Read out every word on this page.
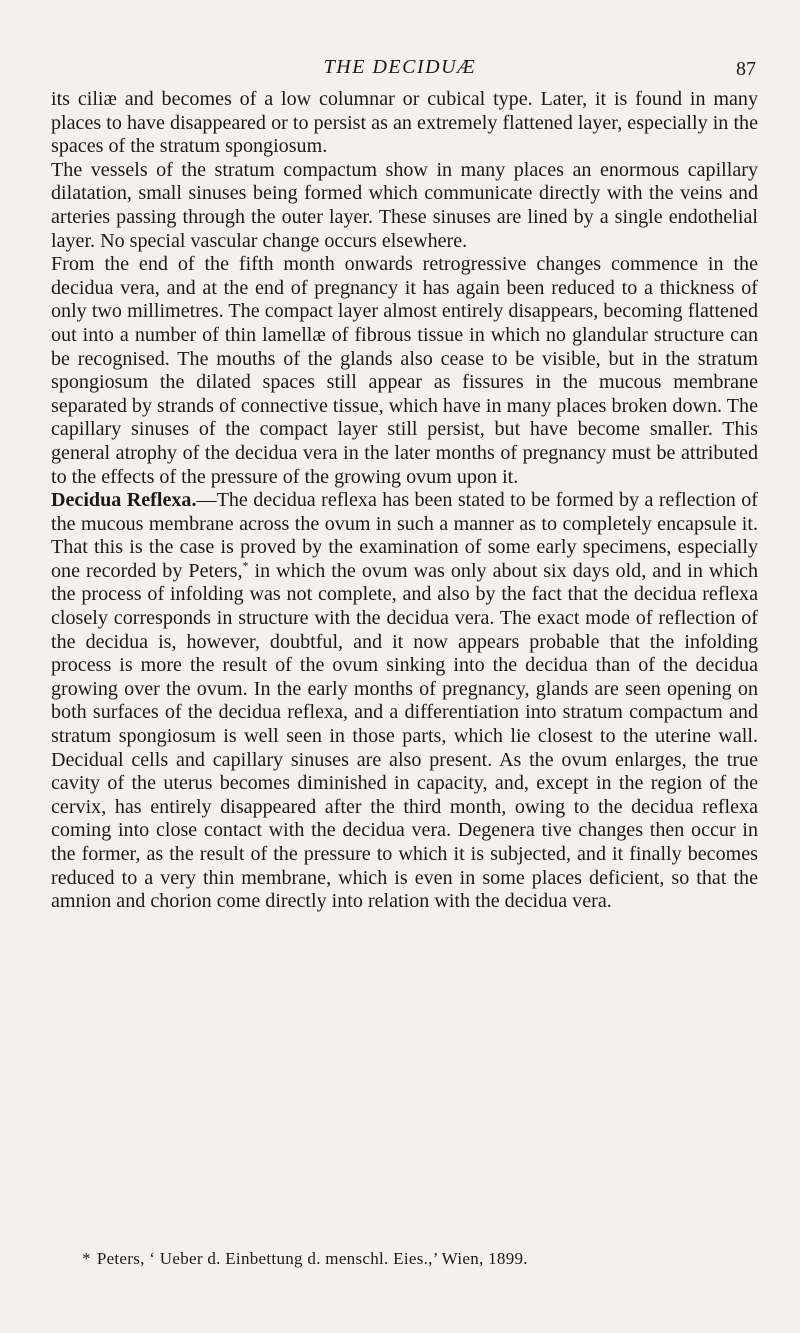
THE DECIDUÆ	87

its ciliæ and becomes of a low columnar or cubical type. Later, it is found in many places to have disappeared or to persist as an extremely flattened layer, especially in the spaces of the stratum spongiosum.

The vessels of the stratum compactum show in many places an enormous capillary dilatation, small sinuses being formed which communicate directly with the veins and arteries passing through the outer layer. These sinuses are lined by a single endothelial layer. No special vascular change occurs elsewhere.

From the end of the fifth month onwards retrogressive changes commence in the decidua vera, and at the end of pregnancy it has again been reduced to a thickness of only two millimetres. The compact layer almost entirely disappears, becoming flattened out into a number of thin lamellæ of fibrous tissue in which no glandular structure can be recognised. The mouths of the glands also cease to be visible, but in the stratum spongiosum the dilated spaces still appear as fissures in the mucous membrane separated by strands of connective tissue, which have in many places broken down. The capillary sinuses of the compact layer still persist, but have become smaller. This general atrophy of the decidua vera in the later months of pregnancy must be attributed to the effects of the pressure of the growing ovum upon it.

Decidua Reflexa.—The decidua reflexa has been stated to be formed by a reflection of the mucous membrane across the ovum in such a manner as to completely encapsule it. That this is the case is proved by the examination of some early specimens, especially one recorded by Peters,* in which the ovum was only about six days old, and in which the process of infolding was not complete, and also by the fact that the decidua reflexa closely corresponds in structure with the decidua vera. The exact mode of reflection of the decidua is, however, doubtful, and it now appears probable that the infolding process is more the result of the ovum sinking into the decidua than of the decidua growing over the ovum. In the early months of pregnancy, glands are seen opening on both surfaces of the decidua reflexa, and a differentiation into stratum compactum and stratum spongiosum is well seen in those parts, which lie closest to the uterine wall. Decidual cells and capillary sinuses are also present. As the ovum enlarges, the true cavity of the uterus becomes diminished in capacity, and, except in the region of the cervix, has entirely disappeared after the third month, owing to the decidua reflexa coming into close contact with the decidua vera. Degenera tive changes then occur in the former, as the result of the pressure to which it is subjected, and it finally becomes reduced to a very thin membrane, which is even in some places deficient, so that the amnion and chorion come directly into relation with the decidua vera.

* Peters, ‘ Ueber d. Einbettung d. menschl. Eies.,’ Wien, 1899.
